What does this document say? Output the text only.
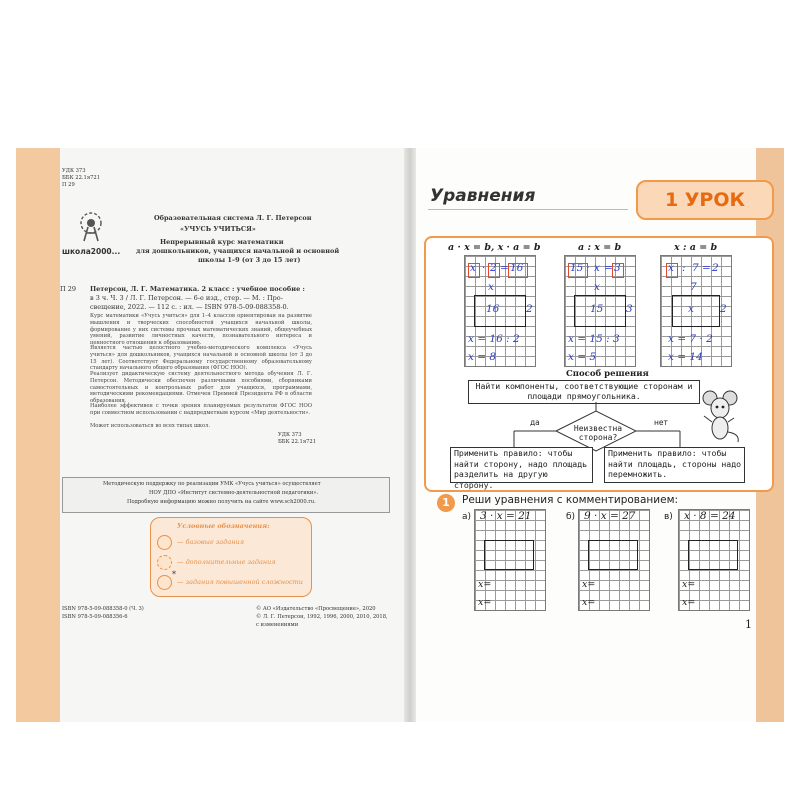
УДК 373
ББК 22.1я721
П 29
школа2000...
Образовательная система Л. Г. Петерсон
«УЧУСЬ УЧИТЬСЯ»
Непрерывный курс математики
для дошкольников, учащихся начальной и основной
школы 1–9 (от 3 до 15 лет)
П 29 Петерсон, Л. Г. Математика. 2 класс : учебное пособие :
в 3 ч. Ч. 3 / Л. Г. Петерсон. — 6-е изд., стер. — М. : Про-
свещение, 2022. — 112 с. : ил. — ISBN 978-5-09-088358-0.
Курс математики «Учусь учиться» для 1–4 классов ориентирован на развитие мышления и творческих способностей учащихся начальной школы, формирование у них системы прочных математических знаний, общеучебных умений, развитие личностных качеств, познавательного интереса и ценностного отношения к образованию.
Является частью целостного учебно-методического комплекса «Учусь учиться» для дошкольников, учащихся начальной и основной школы (от 3 до 15 лет). Соответствует Федеральному государственному образовательному стандарту начального общего образования (ФГОС НОО).
Реализует дидактическую систему деятельностного метода обучения Л. Г. Петерсон. Методически обеспечен различными пособиями, сборниками самостоятельных и контрольных работ для учащихся, программами, методическими рекомендациями. Отмечен Премией Президента РФ в области образования.
Наиболее эффективен с точки зрения планируемых результатов ФГОС НОО при совместном использовании с надпредметным курсом «Мир деятельности».
Может использоваться во всех типах школ.
УДК 373
ББК 22.1я721
Методическую поддержку по реализации УМК «Учусь учиться» осуществляет
НОУ ДПО «Институт системно-деятельностной педагогики».
Подробную информацию можно получить на сайте www.sch2000.ru.
Условные обозначения:
— базовые задания
— дополнительные задания
*
— задания повышенной сложности
ISBN 978-5-09-088358-0 (Ч. 3)
ISBN 978-5-09-088356-6
© АО «Издательство «Просвещение», 2020
© Л. Г. Петерсон, 1992, 1996, 2000, 2010, 2018,
с изменениями
Уравнения	1 УРОК
a · x = b, x · a = b	a : x = b	x : a = b
x · 2 = 16
x
16	2
x = 16 : 2
x = 8
15 : x = 3
x
15 3
x = 15 : 3
x = 5
x : 7 = 2
7
x 2
x = 7 · 2
x = 14
Способ решения
Найти компоненты, соответствующие сторонам и площади прямоугольника.
Неизвестна сторона?
да	нет
Применить правило: чтобы найти сторону, надо площадь разделить на другую сторону.
Применить правило: чтобы найти площадь, стороны надо перемножить.
1	Реши уравнения с комментированием:
а) 3 · x = 21
x=
x=
б) 9 · x = 27
x=
x=
в) x · 8 = 24
x=
x=
1
